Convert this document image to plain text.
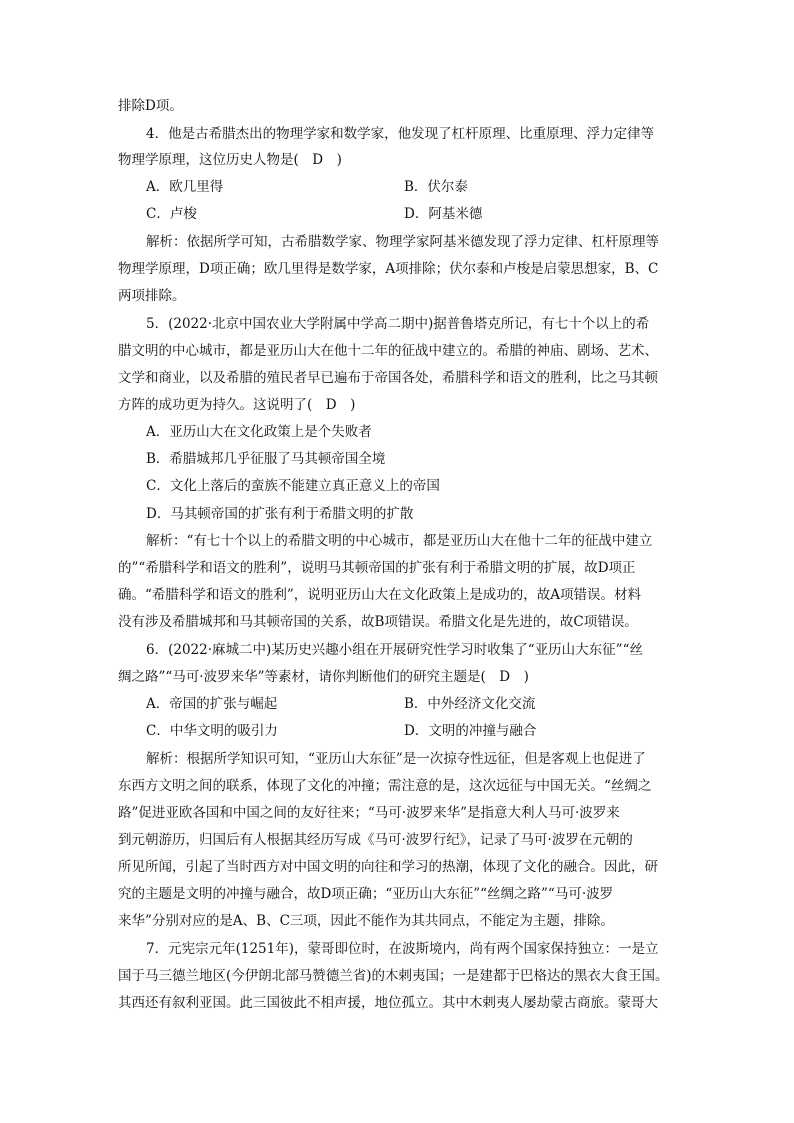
排除D项。
4．他是古希腊杰出的物理学家和数学家，他发现了杠杆原理、比重原理、浮力定律等
物理学原理，这位历史人物是(　D　)
A．欧几里得	B．伏尔泰
C．卢梭	D．阿基米德
解析：依据所学可知，古希腊数学家、物理学家阿基米德发现了浮力定律、杠杆原理等
物理学原理，D项正确；欧几里得是数学家，A项排除；伏尔泰和卢梭是启蒙思想家，B、C
两项排除。
5．(2022·北京中国农业大学附属中学高二期中)据普鲁塔克所记，有七十个以上的希
腊文明的中心城市，都是亚历山大在他十二年的征战中建立的。希腊的神庙、剧场、艺术、
文学和商业，以及希腊的殖民者早已遍布于帝国各处，希腊科学和语文的胜利，比之马其顿
方阵的成功更为持久。这说明了(　D　)
A．亚历山大在文化政策上是个失败者
B．希腊城邦几乎征服了马其顿帝国全境
C．文化上落后的蛮族不能建立真正意义上的帝国
D．马其顿帝国的扩张有利于希腊文明的扩散
解析：“有七十个以上的希腊文明的中心城市，都是亚历山大在他十二年的征战中建立
的”“希腊科学和语文的胜利”，说明马其顿帝国的扩张有利于希腊文明的扩展，故D项正
确。“希腊科学和语文的胜利”，说明亚历山大在文化政策上是成功的，故A项错误。材料
没有涉及希腊城邦和马其顿帝国的关系，故B项错误。希腊文化是先进的，故C项错误。
6．(2022·麻城二中)某历史兴趣小组在开展研究性学习时收集了“亚历山大东征”“丝
绸之路”“马可·波罗来华”等素材，请你判断他们的研究主题是(　D　)
A．帝国的扩张与崛起	B．中外经济文化交流
C．中华文明的吸引力	D．文明的冲撞与融合
解析：根据所学知识可知，“亚历山大东征”是一次掠夺性远征，但是客观上也促进了
东西方文明之间的联系，体现了文化的冲撞；需注意的是，这次远征与中国无关。“丝绸之
路”促进亚欧各国和中国之间的友好往来；“马可·波罗来华”是指意大利人马可·波罗来
到元朝游历，归国后有人根据其经历写成《马可·波罗行纪》，记录了马可·波罗在元朝的
所见所闻，引起了当时西方对中国文明的向往和学习的热潮，体现了文化的融合。因此，研
究的主题是文明的冲撞与融合，故D项正确；“亚历山大东征”“丝绸之路”“马可·波罗
来华”分别对应的是A、B、C三项，因此不能作为其共同点，不能定为主题，排除。
7．元宪宗元年(1251年)，蒙哥即位时，在波斯境内，尚有两个国家保持独立：一是立
国于马三德兰地区(今伊朗北部马赞德兰省)的木剌夷国；一是建都于巴格达的黑衣大食王国。
其西还有叙利亚国。此三国彼此不相声援，地位孤立。其中木剌夷人屡劫蒙古商旅。蒙哥大
